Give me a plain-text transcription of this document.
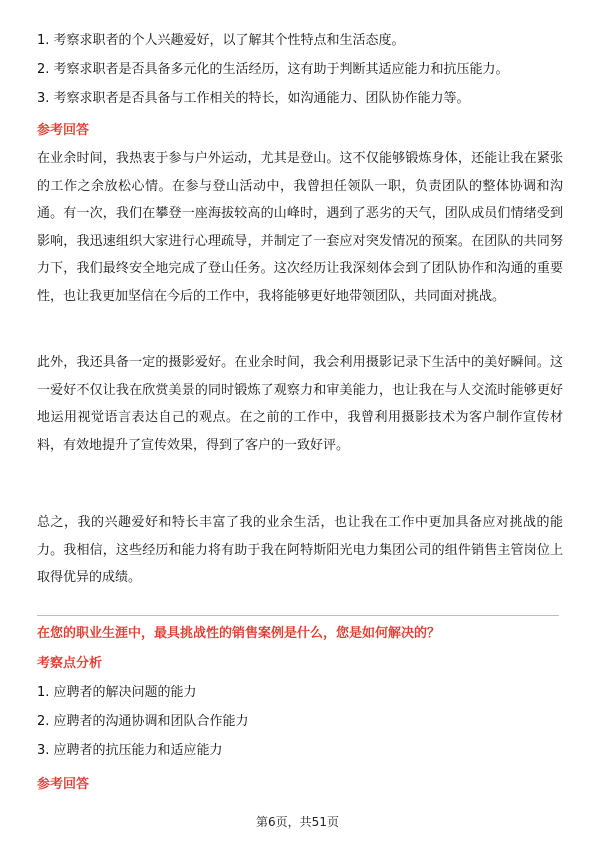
1. 考察求职者的个人兴趣爱好，以了解其个性特点和生活态度。
2. 考察求职者是否具备多元化的生活经历，这有助于判断其适应能力和抗压能力。
3. 考察求职者是否具备与工作相关的特长，如沟通能力、团队协作能力等。
参考回答

在业余时间，我热衷于参与户外运动，尤其是登山。这不仅能够锻炼身体，还能让我在紧张的工作之余放松心情。在参与登山活动中，我曾担任领队一职，负责团队的整体协调和沟通。有一次，我们在攀登一座海拔较高的山峰时，遇到了恶劣的天气，团队成员们情绪受到影响，我迅速组织大家进行心理疏导，并制定了一套应对突发情况的预案。在团队的共同努力下，我们最终安全地完成了登山任务。这次经历让我深刻体会到了团队协作和沟通的重要性，也让我更加坚信在今后的工作中，我将能够更好地带领团队，共同面对挑战。

此外，我还具备一定的摄影爱好。在业余时间，我会利用摄影记录下生活中的美好瞬间。这一爱好不仅让我在欣赏美景的同时锻炼了观察力和审美能力，也让我在与人交流时能够更好地运用视觉语言表达自己的观点。在之前的工作中，我曾利用摄影技术为客户制作宣传材料，有效地提升了宣传效果，得到了客户的一致好评。

总之，我的兴趣爱好和特长丰富了我的业余生活，也让我在工作中更加具备应对挑战的能力。我相信，这些经历和能力将有助于我在阿特斯阳光电力集团公司的组件销售主管岗位上取得优异的成绩。

在您的职业生涯中，最具挑战性的销售案例是什么，您是如何解决的？
考察点分析
1. 应聘者的解决问题的能力
2. 应聘者的沟通协调和团队合作能力
3. 应聘者的抗压能力和适应能力
参考回答
第6页，共51页
